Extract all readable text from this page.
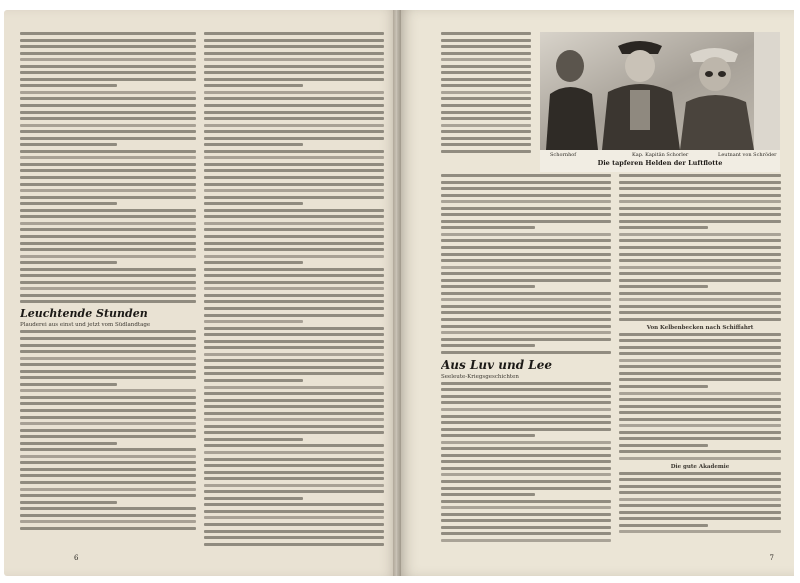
Leuchtende Stunden
Plauderei aus einst und jetzt vom Südlandtage
6
Schornhof	Kap. Kapitän Schorler	Leutnant von Schröder
Die tapferen Helden der Luftflotte
Aus Luv und Lee
Seeleute-Kriegsgeschichten
Von Kelbenbecken nach Schiffahrt
Die gute Akademie
7
